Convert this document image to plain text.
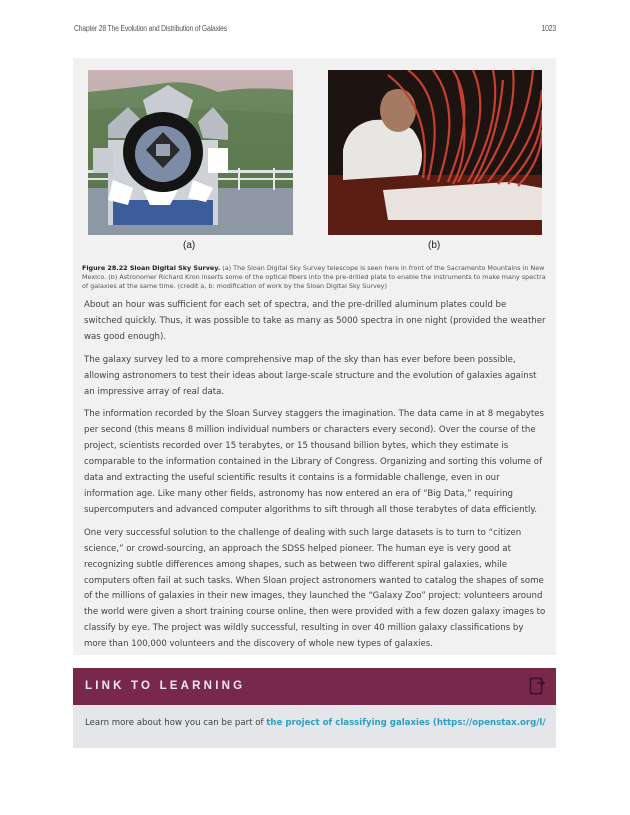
Chapter 28 The Evolution and Distribution of Galaxies	1023
(a)	(b)
Figure 28.22 Sloan Digital Sky Survey. (a) The Sloan Digital Sky Survey telescope is seen here in front of the Sacramento Mountains in New Mexico. (b) Astronomer Richard Kron inserts some of the optical fibers into the pre-drilled plate to enable the instruments to make many spectra of galaxies at the same time. (credit a, b: modification of work by the Sloan Digital Sky Survey)

About an hour was sufficient for each set of spectra, and the pre-drilled aluminum plates could be switched quickly. Thus, it was possible to take as many as 5000 spectra in one night (provided the weather was good enough).

The galaxy survey led to a more comprehensive map of the sky than has ever before been possible, allowing astronomers to test their ideas about large-scale structure and the evolution of galaxies against an impressive array of real data.

The information recorded by the Sloan Survey staggers the imagination. The data came in at 8 megabytes per second (this means 8 million individual numbers or characters every second). Over the course of the project, scientists recorded over 15 terabytes, or 15 thousand billion bytes, which they estimate is comparable to the information contained in the Library of Congress. Organizing and sorting this volume of data and extracting the useful scientific results it contains is a formidable challenge, even in our information age. Like many other fields, astronomy has now entered an era of “Big Data,” requiring supercomputers and advanced computer algorithms to sift through all those terabytes of data efficiently.

One very successful solution to the challenge of dealing with such large datasets is to turn to “citizen science,” or crowd-sourcing, an approach the SDSS helped pioneer. The human eye is very good at recognizing subtle differences among shapes, such as between two different spiral galaxies, while computers often fail at such tasks. When Sloan project astronomers wanted to catalog the shapes of some of the millions of galaxies in their new images, they launched the “Galaxy Zoo” project: volunteers around the world were given a short training course online, then were provided with a few dozen galaxy images to classify by eye. The project was wildly successful, resulting in over 40 million galaxy classifications by more than 100,000 volunteers and the discovery of whole new types of galaxies.

LINK TO LEARNING
Learn more about how you can be part of the project of classifying galaxies (https://openstax.org/l/
